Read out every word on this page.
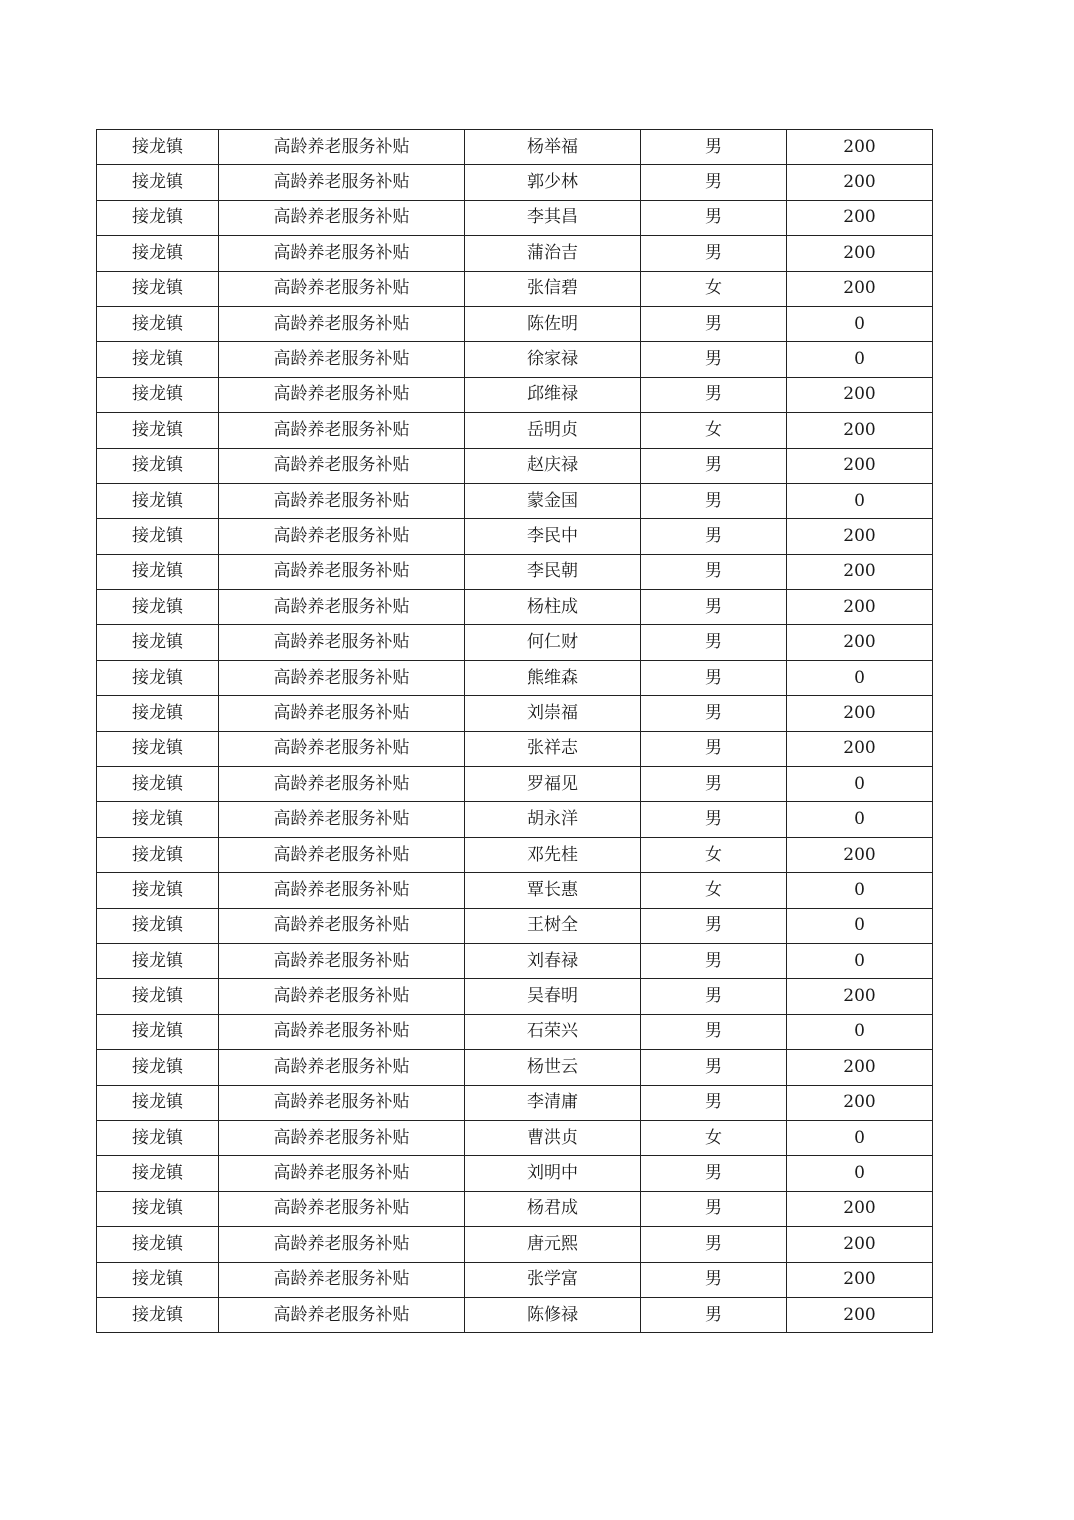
接龙镇	高龄养老服务补贴	杨举福	男	200
接龙镇	高龄养老服务补贴	郭少林	男	200
接龙镇	高龄养老服务补贴	李其昌	男	200
接龙镇	高龄养老服务补贴	蒲治吉	男	200
接龙镇	高龄养老服务补贴	张信碧	女	200
接龙镇	高龄养老服务补贴	陈佐明	男	0
接龙镇	高龄养老服务补贴	徐家禄	男	0
接龙镇	高龄养老服务补贴	邱维禄	男	200
接龙镇	高龄养老服务补贴	岳明贞	女	200
接龙镇	高龄养老服务补贴	赵庆禄	男	200
接龙镇	高龄养老服务补贴	蒙金国	男	0
接龙镇	高龄养老服务补贴	李民中	男	200
接龙镇	高龄养老服务补贴	李民朝	男	200
接龙镇	高龄养老服务补贴	杨柱成	男	200
接龙镇	高龄养老服务补贴	何仁财	男	200
接龙镇	高龄养老服务补贴	熊维森	男	0
接龙镇	高龄养老服务补贴	刘崇福	男	200
接龙镇	高龄养老服务补贴	张祥志	男	200
接龙镇	高龄养老服务补贴	罗福见	男	0
接龙镇	高龄养老服务补贴	胡永洋	男	0
接龙镇	高龄养老服务补贴	邓先桂	女	200
接龙镇	高龄养老服务补贴	覃长惠	女	0
接龙镇	高龄养老服务补贴	王树全	男	0
接龙镇	高龄养老服务补贴	刘春禄	男	0
接龙镇	高龄养老服务补贴	吴春明	男	200
接龙镇	高龄养老服务补贴	石荣兴	男	0
接龙镇	高龄养老服务补贴	杨世云	男	200
接龙镇	高龄养老服务补贴	李清庸	男	200
接龙镇	高龄养老服务补贴	曹洪贞	女	0
接龙镇	高龄养老服务补贴	刘明中	男	0
接龙镇	高龄养老服务补贴	杨君成	男	200
接龙镇	高龄养老服务补贴	唐元熙	男	200
接龙镇	高龄养老服务补贴	张学富	男	200
接龙镇	高龄养老服务补贴	陈修禄	男	200
